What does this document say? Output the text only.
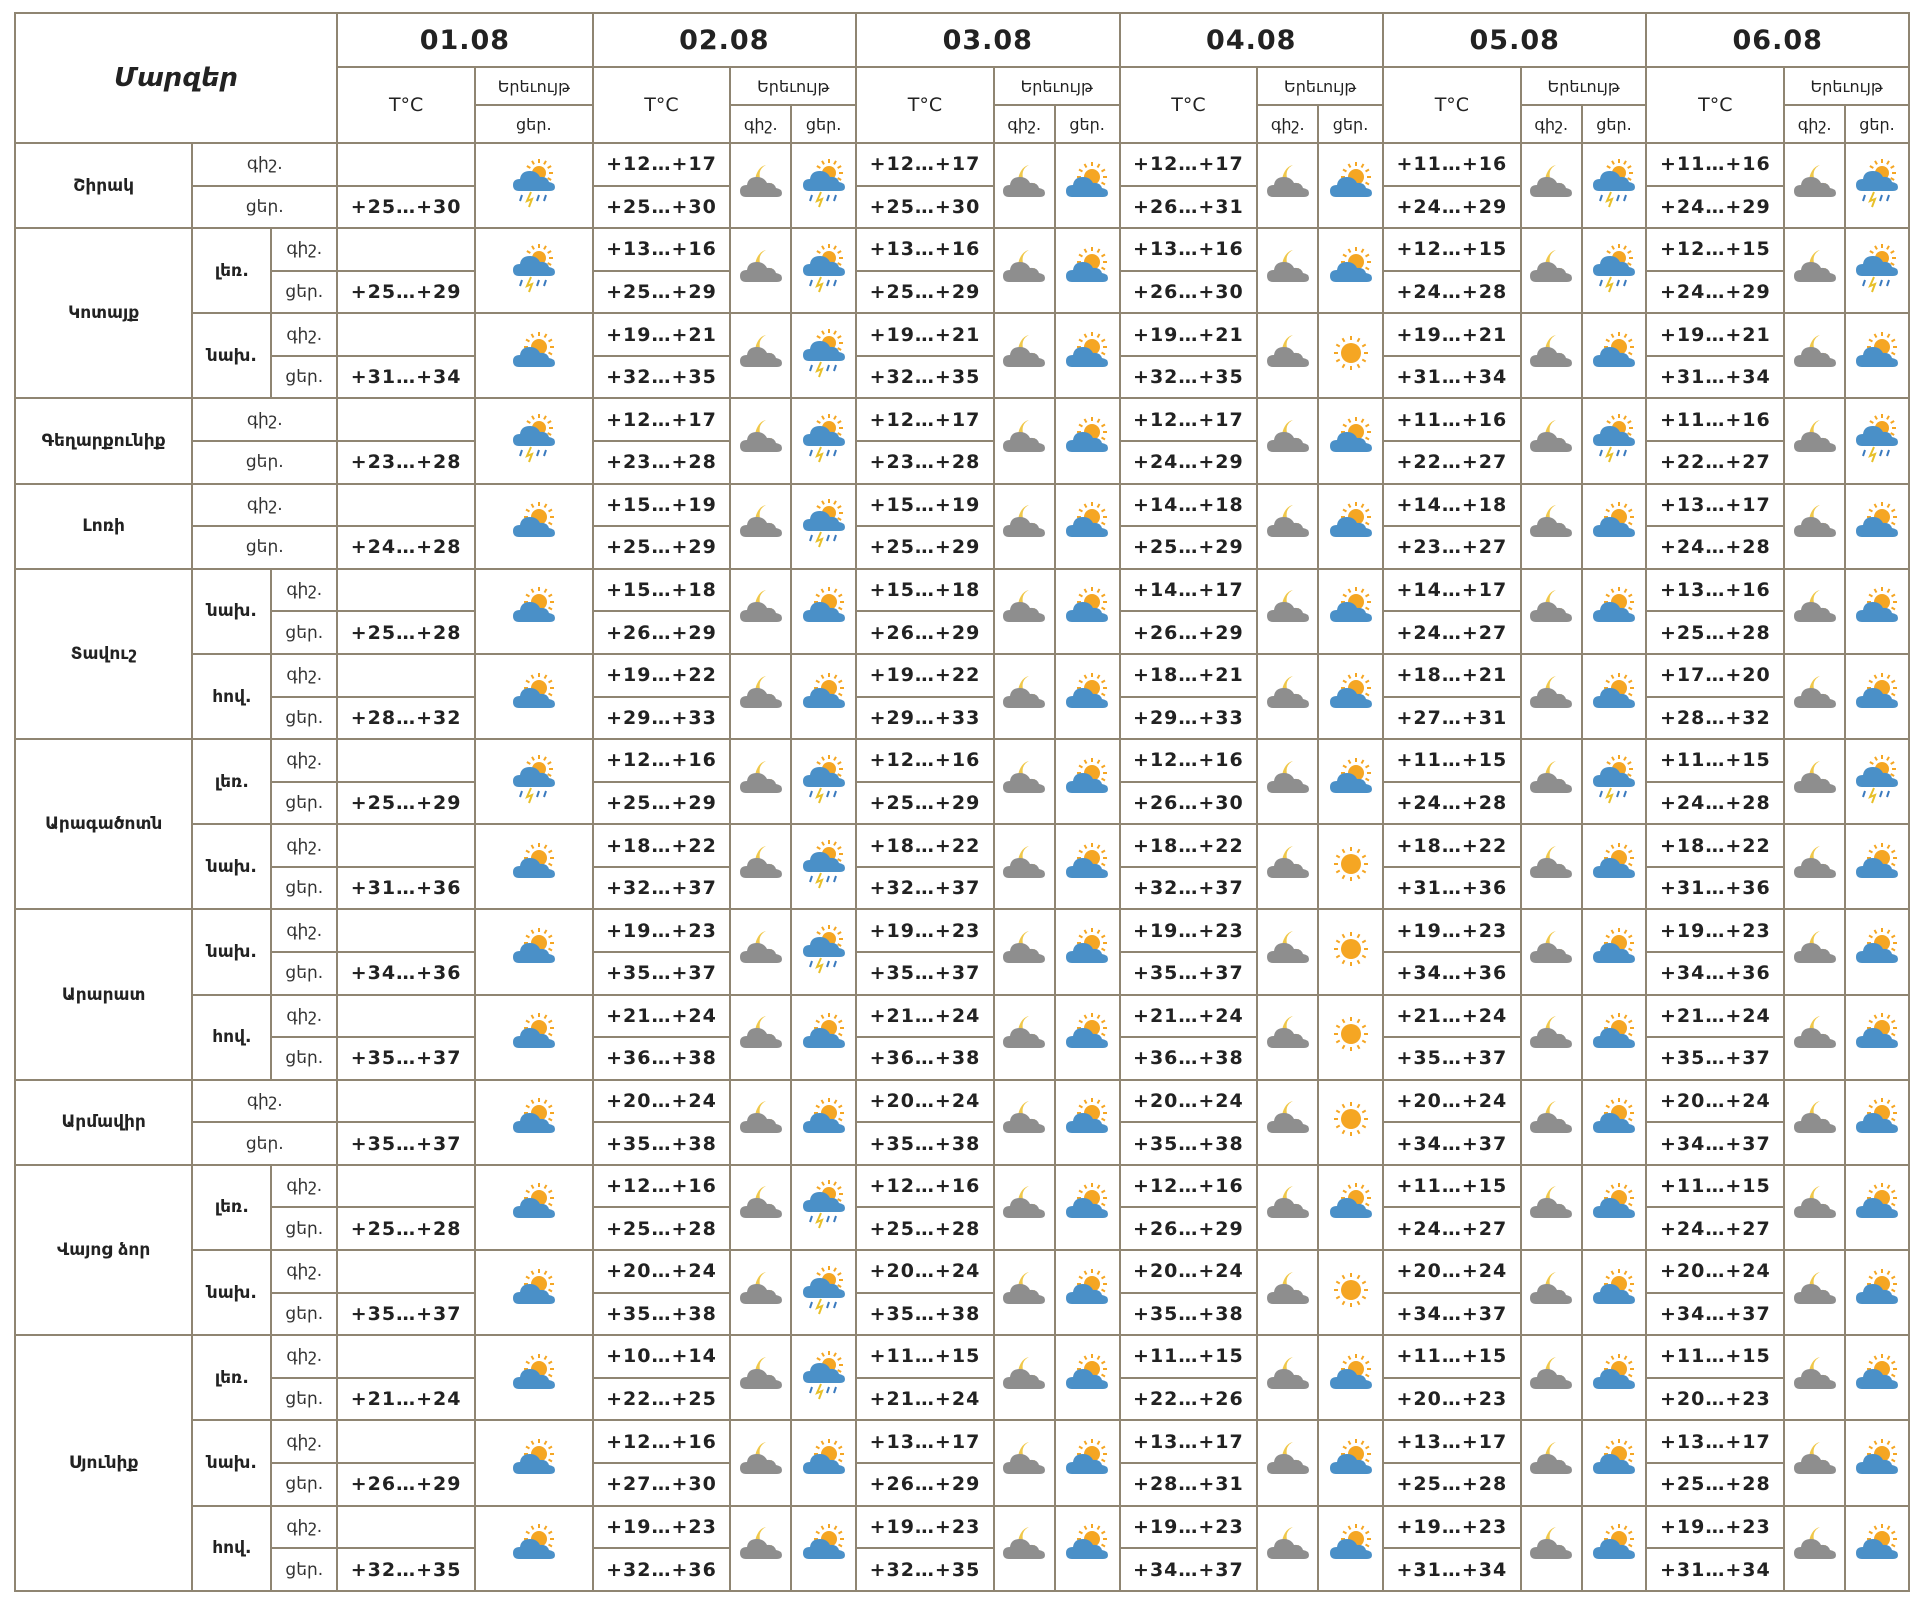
Մարզեր			01.08		02.08			03.08			04.08			05.08			06.08		
			T°C	Երեւույթ	T°C	Երեւույթ		T°C	Երեւույթ		T°C	Երեւույթ		T°C	Երեւույթ		T°C	Երեւույթ	
				ցեր.		գիշ.	ցեր.		գիշ.	ցեր.		գիշ.	ցեր.		գիշ.	ցեր.		գիշ.	ցեր.
Շիրակ	գիշ.				+12…+17			+12…+17			+12…+17			+11…+16			+11…+16	

	ցեր.		+25…+30		+25…+30			+25…+30			+26…+31			+24…+29			+24…+29		
Կոտայք	լեռ.	գիշ.			+13…+16			+13…+16			+13…+16			+12…+15			+12…+15	

		ցեր.	+25…+29		+25…+29			+25…+29			+26…+30			+24…+28			+24…+29		
	նախ.	գիշ.			+19…+21			+19…+21			+19…+21			+19…+21			+19…+21	

		ցեր.	+31…+34		+32…+35			+32…+35			+32…+35			+31…+34			+31…+34		
Գեղարքունիք	գիշ.				+12…+17			+12…+17			+12…+17			+11…+16			+11…+16	

	ցեր.		+23…+28		+23…+28			+23…+28			+24…+29			+22…+27			+22…+27		
Լոռի	գիշ.				+15…+19			+15…+19			+14…+18			+14…+18			+13…+17	

	ցեր.		+24…+28		+25…+29			+25…+29			+25…+29			+23…+27			+24…+28		
Տավուշ	նախ.	գիշ.			+15…+18			+15…+18			+14…+17			+14…+17			+13…+16	

		ցեր.	+25…+28		+26…+29			+26…+29			+26…+29			+24…+27			+25…+28		
	հով.	գիշ.			+19…+22			+19…+22			+18…+21			+18…+21			+17…+20	

		ցեր.	+28…+32		+29…+33			+29…+33			+29…+33			+27…+31			+28…+32		
Արագածոտն	լեռ.	գիշ.			+12…+16			+12…+16			+12…+16			+11…+15			+11…+15	

		ցեր.	+25…+29		+25…+29			+25…+29			+26…+30			+24…+28			+24…+28		
	նախ.	գիշ.			+18…+22			+18…+22			+18…+22			+18…+22			+18…+22	

		ցեր.	+31…+36		+32…+37			+32…+37			+32…+37			+31…+36			+31…+36		
Արարատ	նախ.	գիշ.			+19…+23			+19…+23			+19…+23			+19…+23			+19…+23	

		ցեր.	+34…+36		+35…+37			+35…+37			+35…+37			+34…+36			+34…+36		
	հով.	գիշ.			+21…+24			+21…+24			+21…+24			+21…+24			+21…+24	

		ցեր.	+35…+37		+36…+38			+36…+38			+36…+38			+35…+37			+35…+37		
Արմավիր	գիշ.				+20…+24			+20…+24			+20…+24			+20…+24			+20…+24	

	ցեր.		+35…+37		+35…+38			+35…+38			+35…+38			+34…+37			+34…+37		
Վայոց ձոր	լեռ.	գիշ.			+12…+16			+12…+16			+12…+16			+11…+15			+11…+15	

		ցեր.	+25…+28		+25…+28			+25…+28			+26…+29			+24…+27			+24…+27		
	նախ.	գիշ.			+20…+24			+20…+24			+20…+24			+20…+24			+20…+24	

		ցեր.	+35…+37		+35…+38			+35…+38			+35…+38			+34…+37			+34…+37		
Սյունիք	լեռ.	գիշ.			+10…+14			+11…+15			+11…+15			+11…+15			+11…+15	

		ցեր.	+21…+24		+22…+25			+21…+24			+22…+26			+20…+23			+20…+23		
	նախ.	գիշ.			+12…+16			+13…+17			+13…+17			+13…+17			+13…+17	

		ցեր.	+26…+29		+27…+30			+26…+29			+28…+31			+25…+28			+25…+28		
	հով.	գիշ.			+19…+23			+19…+23			+19…+23			+19…+23			+19…+23	

		ցեր.	+32…+35		+32…+36			+32…+35			+34…+37			+31…+34			+31…+34		
